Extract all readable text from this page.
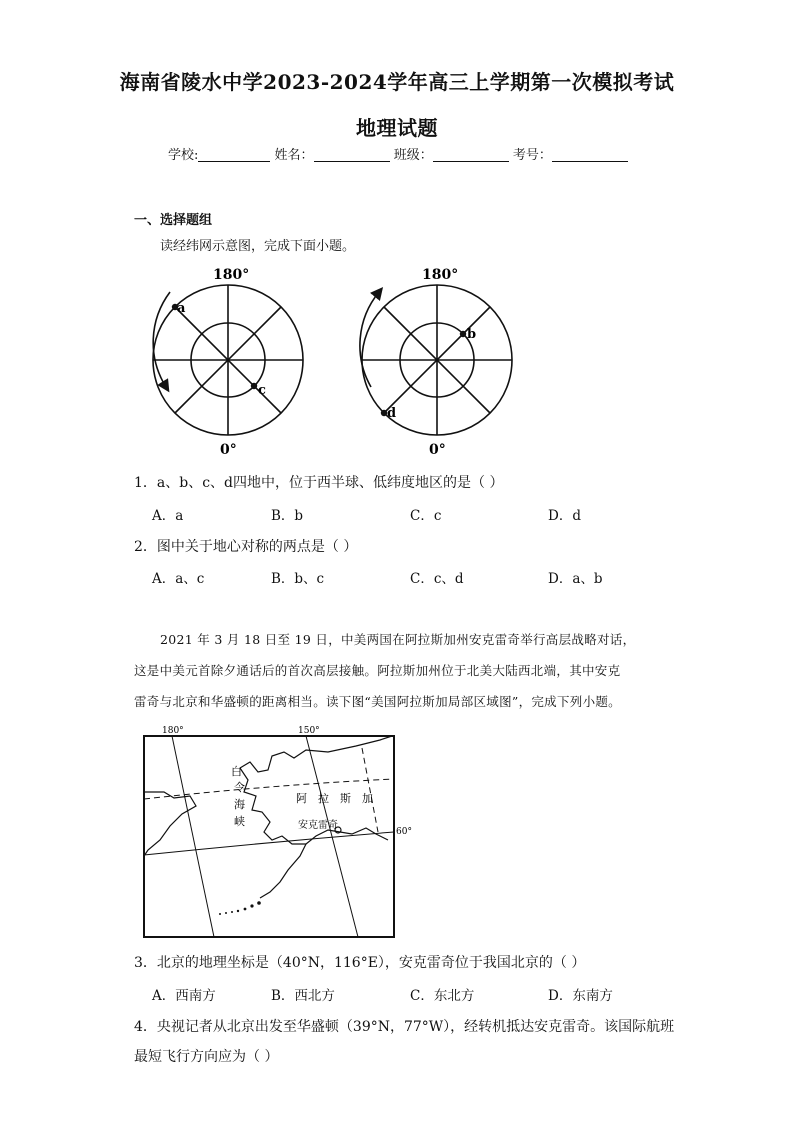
海南省陵水中学2023-2024学年高三上学期第一次模拟考试
地理试题
学校:	姓名：	班级：	考号：
一、选择题组
读经纬网示意图，完成下面小题。
a
c
180°
0°
b
d
180°
0°
1．a、b、c、d四地中，位于西半球、低纬度地区的是（ ）
A．a	B．b	C．c	D．d
2．图中关于地心对称的两点是（ ）
A．a、c	B．b、c	C．c、d	D．a、b
2021 年 3 月 18 日至 19 日，中美两国在阿拉斯加州安克雷奇举行高层战略对话，
这是中美元首除夕通话后的首次高层接触。阿拉斯加州位于北美大陆西北端，其中安克
雷奇与北京和华盛顿的距离相当。读下图“美国阿拉斯加局部区域图”，完成下列小题。
180°	150°
60°
安克雷奇
白
令
海
峡
阿 拉 斯 加
3．北京的地理坐标是（40°N，116°E），安克雷奇位于我国北京的（ ）
A．西南方	B．西北方	C．东北方	D．东南方
4．央视记者从北京出发至华盛顿（39°N，77°W），经转机抵达安克雷奇。该国际航班
最短飞行方向应为（ ）
